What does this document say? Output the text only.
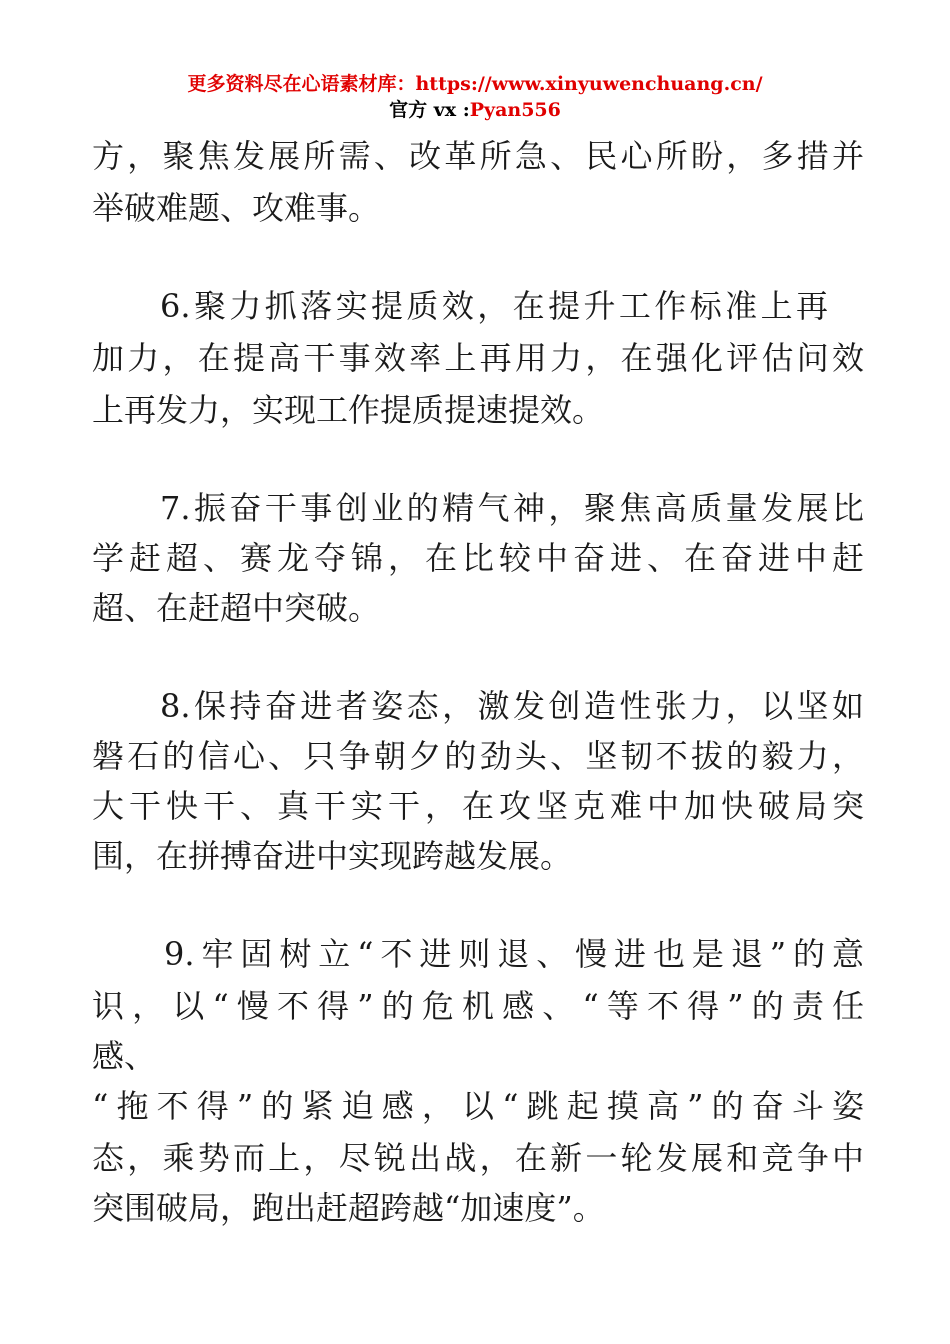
更多资料尽在心语素材库：https://www.xinyuwenchuang.cn/
官方 vx :Pyan556
方，聚焦发展所需、改革所急、民心所盼，多措并
举破难题、攻难事。
6.聚力抓落实提质效，在提升工作标准上再
加力，在提高干事效率上再用力，在强化评估问效
上再发力，实现工作提质提速提效。
7.振奋干事创业的精气神，聚焦高质量发展比
学赶超、赛龙夺锦，在比较中奋进、在奋进中赶
超、在赶超中突破。
8.保持奋进者姿态，激发创造性张力，以坚如
磐石的信心、只争朝夕的劲头、坚韧不拔的毅力，
大干快干、真干实干，在攻坚克难中加快破局突
围，在拼搏奋进中实现跨越发展。
9.牢固树立“不进则退、慢进也是退”的意
识，以“慢不得”的危机感、“等不得”的责任
感、
“拖不得”的紧迫感，以“跳起摸高”的奋斗姿
态，乘势而上，尽锐出战，在新一轮发展和竞争中
突围破局，跑出赶超跨越“加速度”。
